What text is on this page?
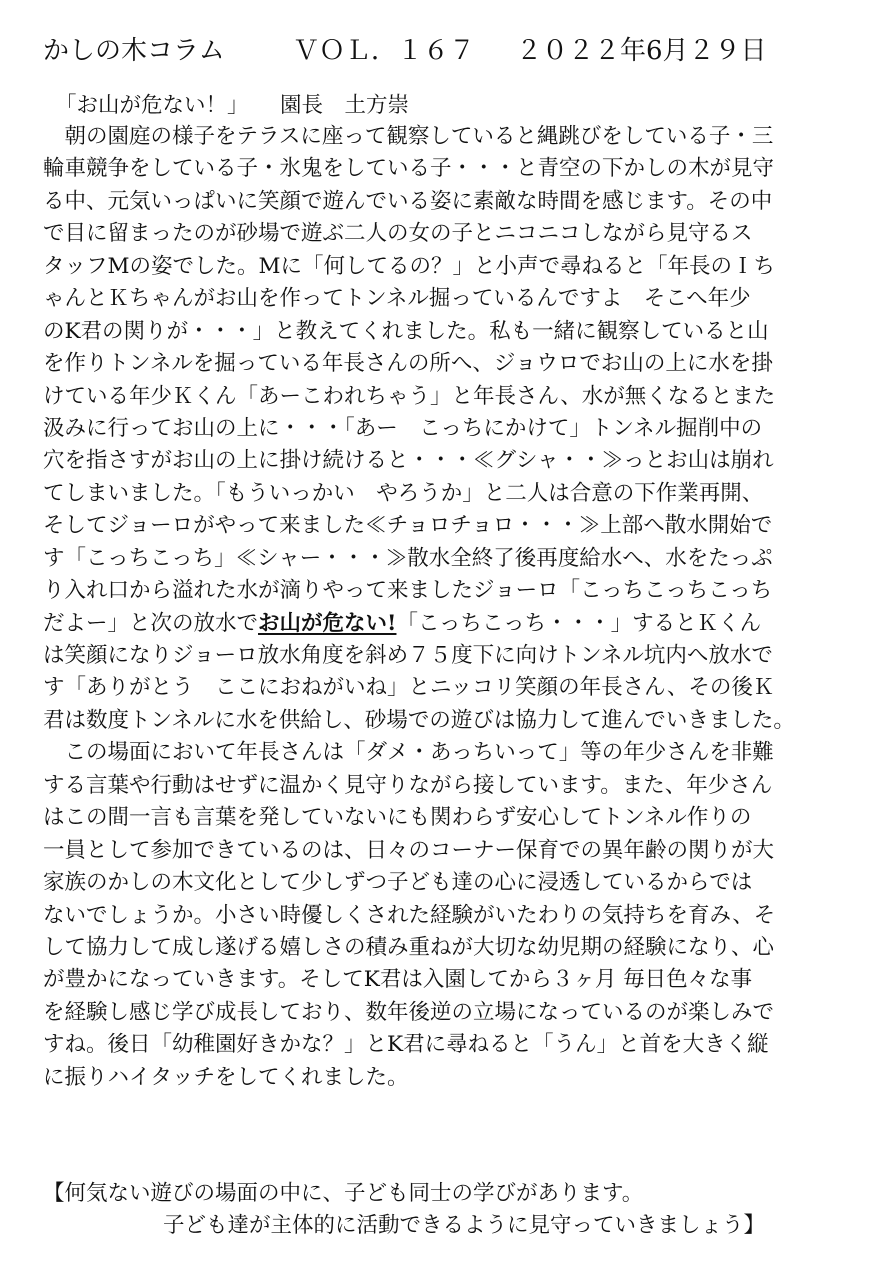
かしの木コラム	ＶＯＬ．１６７ ２０２２年6月２９日
「お山が危ない！」 園長　土方崇
　朝の園庭の様子をテラスに座って観察していると縄跳びをしている子・三
輪車競争をしている子・氷鬼をしている子・・・と青空の下かしの木が見守
る中、元気いっぱいに笑顔で遊んでいる姿に素敵な時間を感じます。その中
で目に留まったのが砂場で遊ぶ二人の女の子とニコニコしながら見守るス
タッフMの姿でした。Mに「何してるの？」と小声で尋ねると「年長のＩち
ゃんとＫちゃんがお山を作ってトンネル掘っているんですよ　そこへ年少
のK君の関りが・・・」と教えてくれました。私も一緒に観察していると山
を作りトンネルを掘っている年長さんの所へ、ジョウロでお山の上に水を掛
けている年少Ｋくん「あーこわれちゃう」と年長さん、水が無くなるとまた
汲みに行ってお山の上に・・・「あー　こっちにかけて」トンネル掘削中の
穴を指さすがお山の上に掛け続けると・・・≪グシャ・・≫っとお山は崩れ
てしまいました。「もういっかい　やろうか」と二人は合意の下作業再開、
そしてジョーロがやって来ました≪チョロチョロ・・・≫上部へ散水開始で
す「こっちこっち」≪シャー・・・≫散水全終了後再度給水へ、水をたっぷ
り入れ口から溢れた水が滴りやって来ましたジョーロ「こっちこっちこっち
だよー」と次の放水でお山が危ない!「こっちこっち・・・」するとＫくん
は笑顔になりジョーロ放水角度を斜め７５度下に向けトンネル坑内へ放水で
す「ありがとう　ここにおねがいね」とニッコリ笑顔の年長さん、その後Ｋ
君は数度トンネルに水を供給し、砂場での遊びは協力して進んでいきました。
　この場面において年長さんは「ダメ・あっちいって」等の年少さんを非難
する言葉や行動はせずに温かく見守りながら接しています。また、年少さん
はこの間一言も言葉を発していないにも関わらず安心してトンネル作りの
一員として参加できているのは、日々のコーナー保育での異年齢の関りが大
家族のかしの木文化として少しずつ子ども達の心に浸透しているからでは
ないでしょうか。小さい時優しくされた経験がいたわりの気持ちを育み、そ
して協力して成し遂げる嬉しさの積み重ねが大切な幼児期の経験になり、心
が豊かになっていきます。そしてK君は入園してから３ヶ月 毎日色々な事
を経験し感じ学び成長しており、数年後逆の立場になっているのが楽しみで
すね。後日「幼稚園好きかな？」とK君に尋ねると「うん」と首を大きく縦
に振りハイタッチをしてくれました。
【何気ない遊びの場面の中に、子ども同士の学びがあります。
子ども達が主体的に活動できるように見守っていきましょう】
